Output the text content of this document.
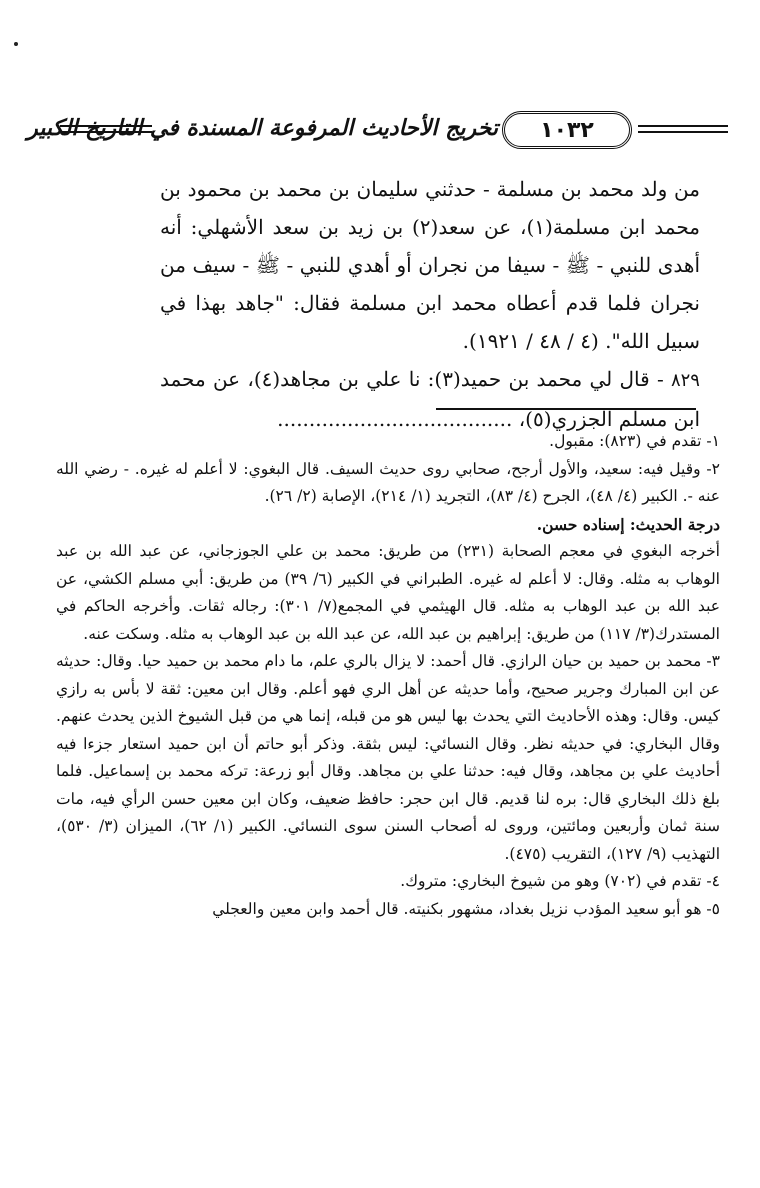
تخريج الأحاديث المرفوعة المسندة في التاريخ الكبير ١٠٣٢

من ولد محمد بن مسلمة - حدثني سليمان بن محمد بن محمود بن محمد ابن مسلمة(١)، عن سعد(٢) بن زيد بن سعد الأشهلي: أنه أهدى للنبي - ﷺ - سيفا من نجران أو أهدي للنبي - ﷺ - سيف من نجران فلما قدم أعطاه محمد ابن مسلمة فقال: "جاهد بهذا في سبيل الله". (٤ / ٤٨ / ١٩٢١).

٨٢٩ - قال لي محمد بن حميد(٣): نا علي بن مجاهد(٤)، عن محمد ابن مسلم الجزري(٥)، .....................................

١- تقدم في (٨٢٣): مقبول.

٢- وقيل فيه: سعيد، والأول أرجح، صحابي روى حديث السيف. قال البغوي: لا أعلم له غيره. - رضي الله عنه -. الكبير (٤/ ٤٨)، الجرح (٤/ ٨٣)، التجريد (١/ ٢١٤)، الإصابة (٢/ ٢٦).

درجة الحديث: إسناده حسن.

أخرجه البغوي في معجم الصحابة (٢٣١) من طريق: محمد بن علي الجوزجاني، عن عبد الله بن عبد الوهاب به مثله. وقال: لا أعلم له غيره. الطبراني في الكبير (٦/ ٣٩) من طريق: أبي مسلم الكشي، عن عبد الله بن عبد الوهاب به مثله. قال الهيثمي في المجمع(٧/ ٣٠١): رجاله ثقات. وأخرجه الحاكم في المستدرك(٣/ ١١٧) من طريق: إبراهيم بن عبد الله، عن عبد الله بن عبد الوهاب به مثله. وسكت عنه.

٣- محمد بن حميد بن حيان الرازي. قال أحمد: لا يزال بالري علم، ما دام محمد بن حميد حيا. وقال: حديثه عن ابن المبارك وجرير صحيح، وأما حديثه عن أهل الري فهو أعلم. وقال ابن معين: ثقة لا بأس به رازي كيس. وقال: وهذه الأحاديث التي يحدث بها ليس هو من قبله، إنما هي من قبل الشيوخ الذين يحدث عنهم. وقال البخاري: في حديثه نظر. وقال النسائي: ليس بثقة. وذكر أبو حاتم أن ابن حميد استعار جزءا فيه أحاديث علي بن مجاهد، وقال فيه: حدثنا علي بن مجاهد. وقال أبو زرعة: تركه محمد بن إسماعيل. فلما بلغ ذلك البخاري قال: بره لنا قديم. قال ابن حجر: حافظ ضعيف، وكان ابن معين حسن الرأي فيه، مات سنة ثمان وأربعين ومائتين، وروى له أصحاب السنن سوى النسائي. الكبير (١/ ٦٢)، الميزان (٣/ ٥٣٠)، التهذيب (٩/ ١٢٧)، التقريب (٤٧٥).

٤- تقدم في (٧٠٢) وهو من شيوخ البخاري: متروك.

٥- هو أبو سعيد المؤدب نزيل بغداد، مشهور بكنيته. قال أحمد وابن معين والعجلي
